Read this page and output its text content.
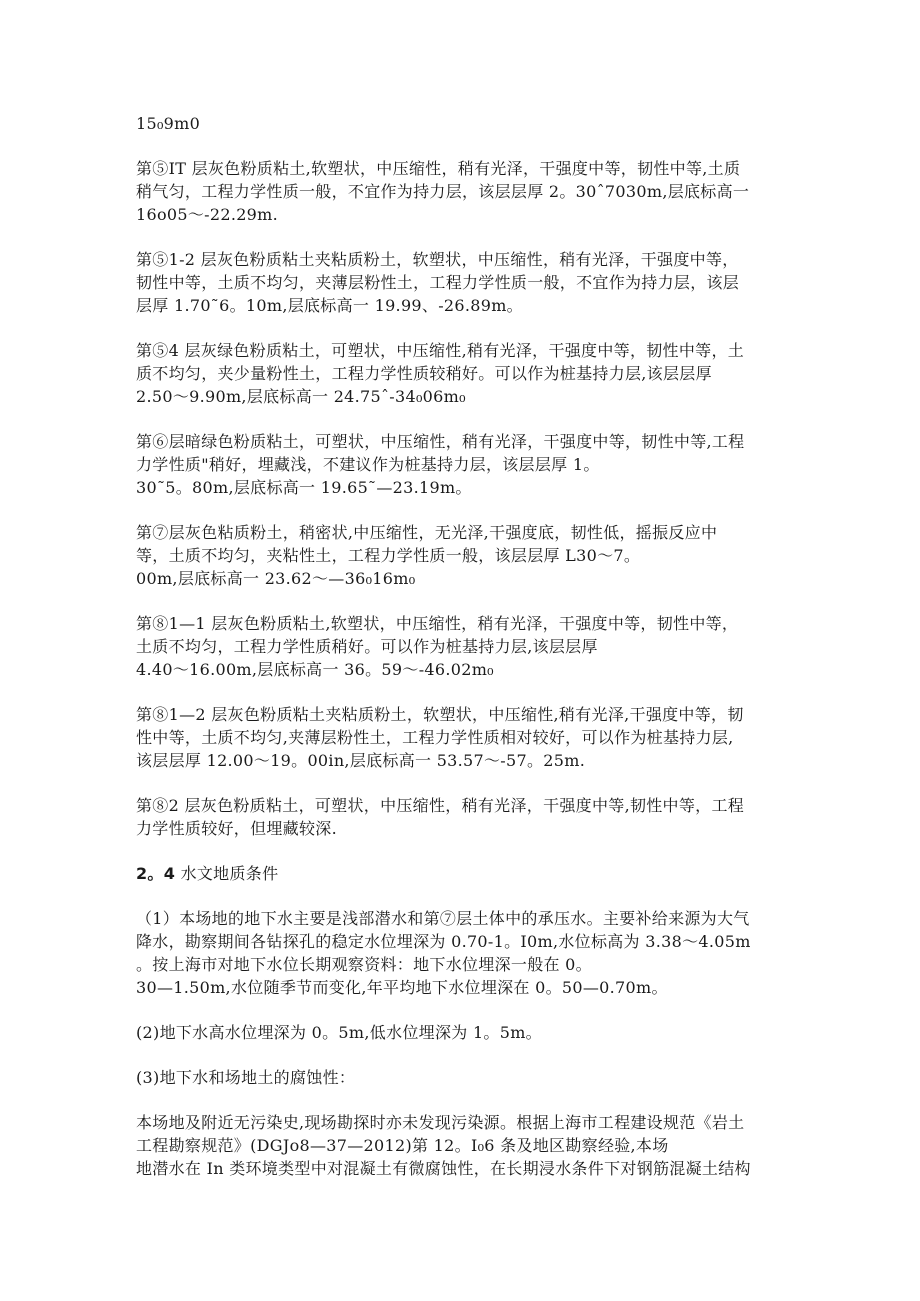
15₀9m0
第⑤IT 层灰色粉质粘土,软塑状，中压缩性，稍有光泽，干强度中等，韧性中等,土质
稍气匀，工程力学性质一般，不宜作为持力层，该层层厚 2。30ˆ7030m,层底标高一
16o05～-22.29m.
第⑤1-2 层灰色粉质粘土夹粘质粉土，软塑状，中压缩性，稍有光泽，干强度中等，
韧性中等，土质不均匀，夹薄层粉性土，工程力学性质一般，不宜作为持力层，该层
层厚 1.70˜6。10m,层底标高一 19.99、-26.89m。
第⑤4 层灰绿色粉质粘土，可塑状，中压缩性,稍有光泽，干强度中等，韧性中等，土
质不均匀，夹少量粉性土，工程力学性质较稍好。可以作为桩基持力层,该层层厚
2.50～9.90m,层底标高一 24.75ˆ-34₀06m₀
第⑥层暗绿色粉质粘土，可塑状，中压缩性，稍有光泽，干强度中等，韧性中等,工程
力学性质"稍好，埋藏浅，不建议作为桩基持力层，该层层厚 1。
30˜5。80m,层底标高一 19.65˜—23.19m。
第⑦层灰色粘质粉土，稍密状,中压缩性，无光泽,干强度底，韧性低，摇振反应中
等，土质不均匀，夹粘性土，工程力学性质一般，该层层厚 L30～7。
00m,层底标高一 23.62～—36₀16m₀
第⑧1—1 层灰色粉质粘土,软塑状，中压缩性，稍有光泽，干强度中等，韧性中等，
土质不均匀，工程力学性质稍好。可以作为桩基持力层,该层层厚
4.40～16.00m,层底标高一 36。59～-46.02m₀
第⑧1—2 层灰色粉质粘土夹粘质粉土，软塑状，中压缩性,稍有光泽,干强度中等，韧
性中等，土质不均匀,夹薄层粉性土，工程力学性质相对较好，可以作为桩基持力层,
该层层厚 12.00～19。00in,层底标高一 53.57～-57。25m.
第⑧2 层灰色粉质粘土，可塑状，中压缩性，稍有光泽，干强度中等,韧性中等，工程
力学性质较好，但埋藏较深.
2。4 水文地质条件
（1）本场地的地下水主要是浅部潜水和第⑦层土体中的承压水。主要补给来源为大气
降水，勘察期间各钻探孔的稳定水位埋深为 0.70-1。I0m,水位标高为 3.38～4.05m
。按上海市对地下水位长期观察资料：地下水位埋深一般在 0。
30—1.50m,水位随季节而变化,年平均地下水位埋深在 0。50—0.70m。
(2)地下水高水位埋深为 0。5m,低水位埋深为 1。5m。
(3)地下水和场地土的腐蚀性：
本场地及附近无污染史,现场勘探时亦未发现污染源。根据上海市工程建设规范《岩土
工程勘察规范》(DGJo8—37—2012)第 12。I₀6 条及地区勘察经验,本场
地潜水在 In 类环境类型中对混凝土有微腐蚀性，在长期浸水条件下对钢筋混凝土结构
